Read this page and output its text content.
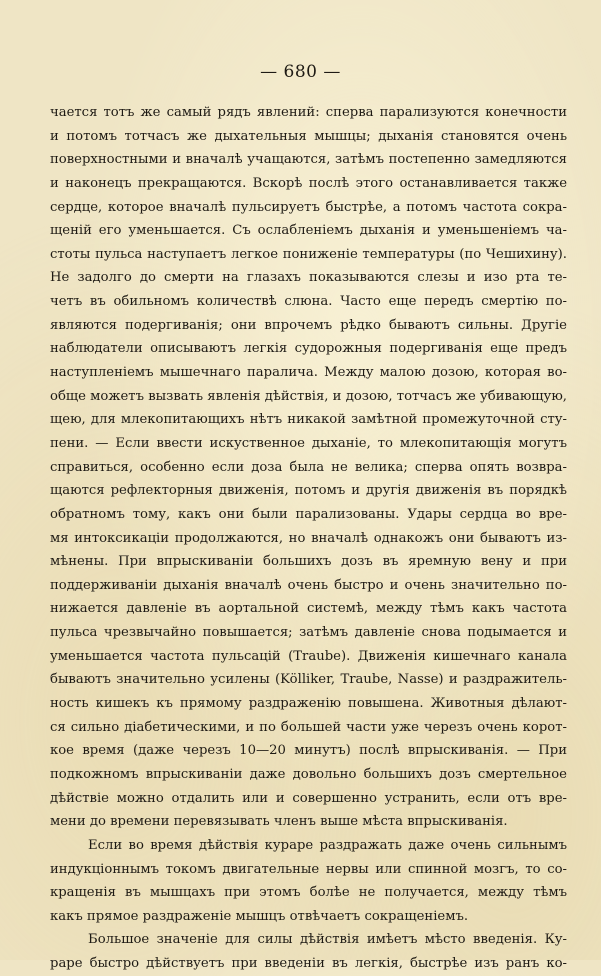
— 680 —
чается тотъ же самый рядъ явлений: сперва парализуются конечности
и потомъ тотчасъ же дыхательныя мышцы; дыханія становятся очень
поверхностными и вначалѣ учащаются, затѣмъ постепенно замедляются
и наконецъ прекращаются. Вскорѣ послѣ этого останавливается также
сердце, которое вначалѣ пульсируетъ быстрѣе, а потомъ частота сокра-
щеній его уменьшается. Съ ослабленіемъ дыханія и уменьшеніемъ ча-
стоты пульса наступаетъ легкое пониженіе температуры (по Чешихину).
Не задолго до смерти на глазахъ показываются слезы и изо рта те-
четъ въ обильномъ количествѣ слюна. Часто еще передъ смертію по-
являются подергиванія; они впрочемъ рѣдко бываютъ сильны. Другіе
наблюдатели описываютъ легкія судорожныя подергиванія еще предъ
наступленіемъ мышечнаго паралича. Между малою дозою, которая во-
обще можетъ вызвать явленія дѣйствія, и дозою, тотчасъ же убивающую,
щею, для млекопитающихъ нѣтъ никакой замѣтной промежуточной сту-
пени. — Если ввести искуственное дыханіе, то млекопитающія могутъ
справиться, особенно если доза была не велика; сперва опять возвра-
щаются рефлекторныя движенія, потомъ и другія движенія въ порядкѣ
обратномъ тому, какъ они были парализованы. Удары сердца во вре-
мя интоксикаціи продолжаются, но вначалѣ однакожъ они бываютъ из-
мѣнены. При впрыскиваніи большихъ дозъ въ яремную вену и при
поддерживаніи дыханія вначалѣ очень быстро и очень значительно по-
нижается давленіе въ аортальной системѣ, между тѣмъ какъ частота
пульса чрезвычайно повышается; затѣмъ давленіе снова подымается и
уменьшается частота пульсацій (Traube). Движенія кишечнаго канала
бываютъ значительно усилены (Kölliker, Traube, Nasse) и раздражитель-
ность кишекъ къ прямому раздраженію повышена. Животныя дѣлают-
ся сильно діабетическими, и по большей части уже черезъ очень корот-
кое время (даже черезъ 10—20 минутъ) послѣ впрыскиванія. — При
подкожномъ впрыскиваніи даже довольно большихъ дозъ смертельное
дѣйствіе можно отдалить или и совершенно устранить, если отъ вре-
мени до времени перевязывать членъ выше мѣста впрыскиванія.
Если во время дѣйствія кураре раздражать даже очень сильнымъ
индукціоннымъ токомъ двигательные нервы или спинной мозгъ, то со-
кращенія въ мышцахъ при этомъ болѣе не получается, между тѣмъ
какъ прямое раздраженіе мышцъ отвѣчаетъ сокращеніемъ.
Большое значеніе для силы дѣйствія имѣетъ мѣсто введенія. Ку-
раре быстро дѣйствуетъ при введеніи въ легкія, быстрѣе изъ ранъ ко-
